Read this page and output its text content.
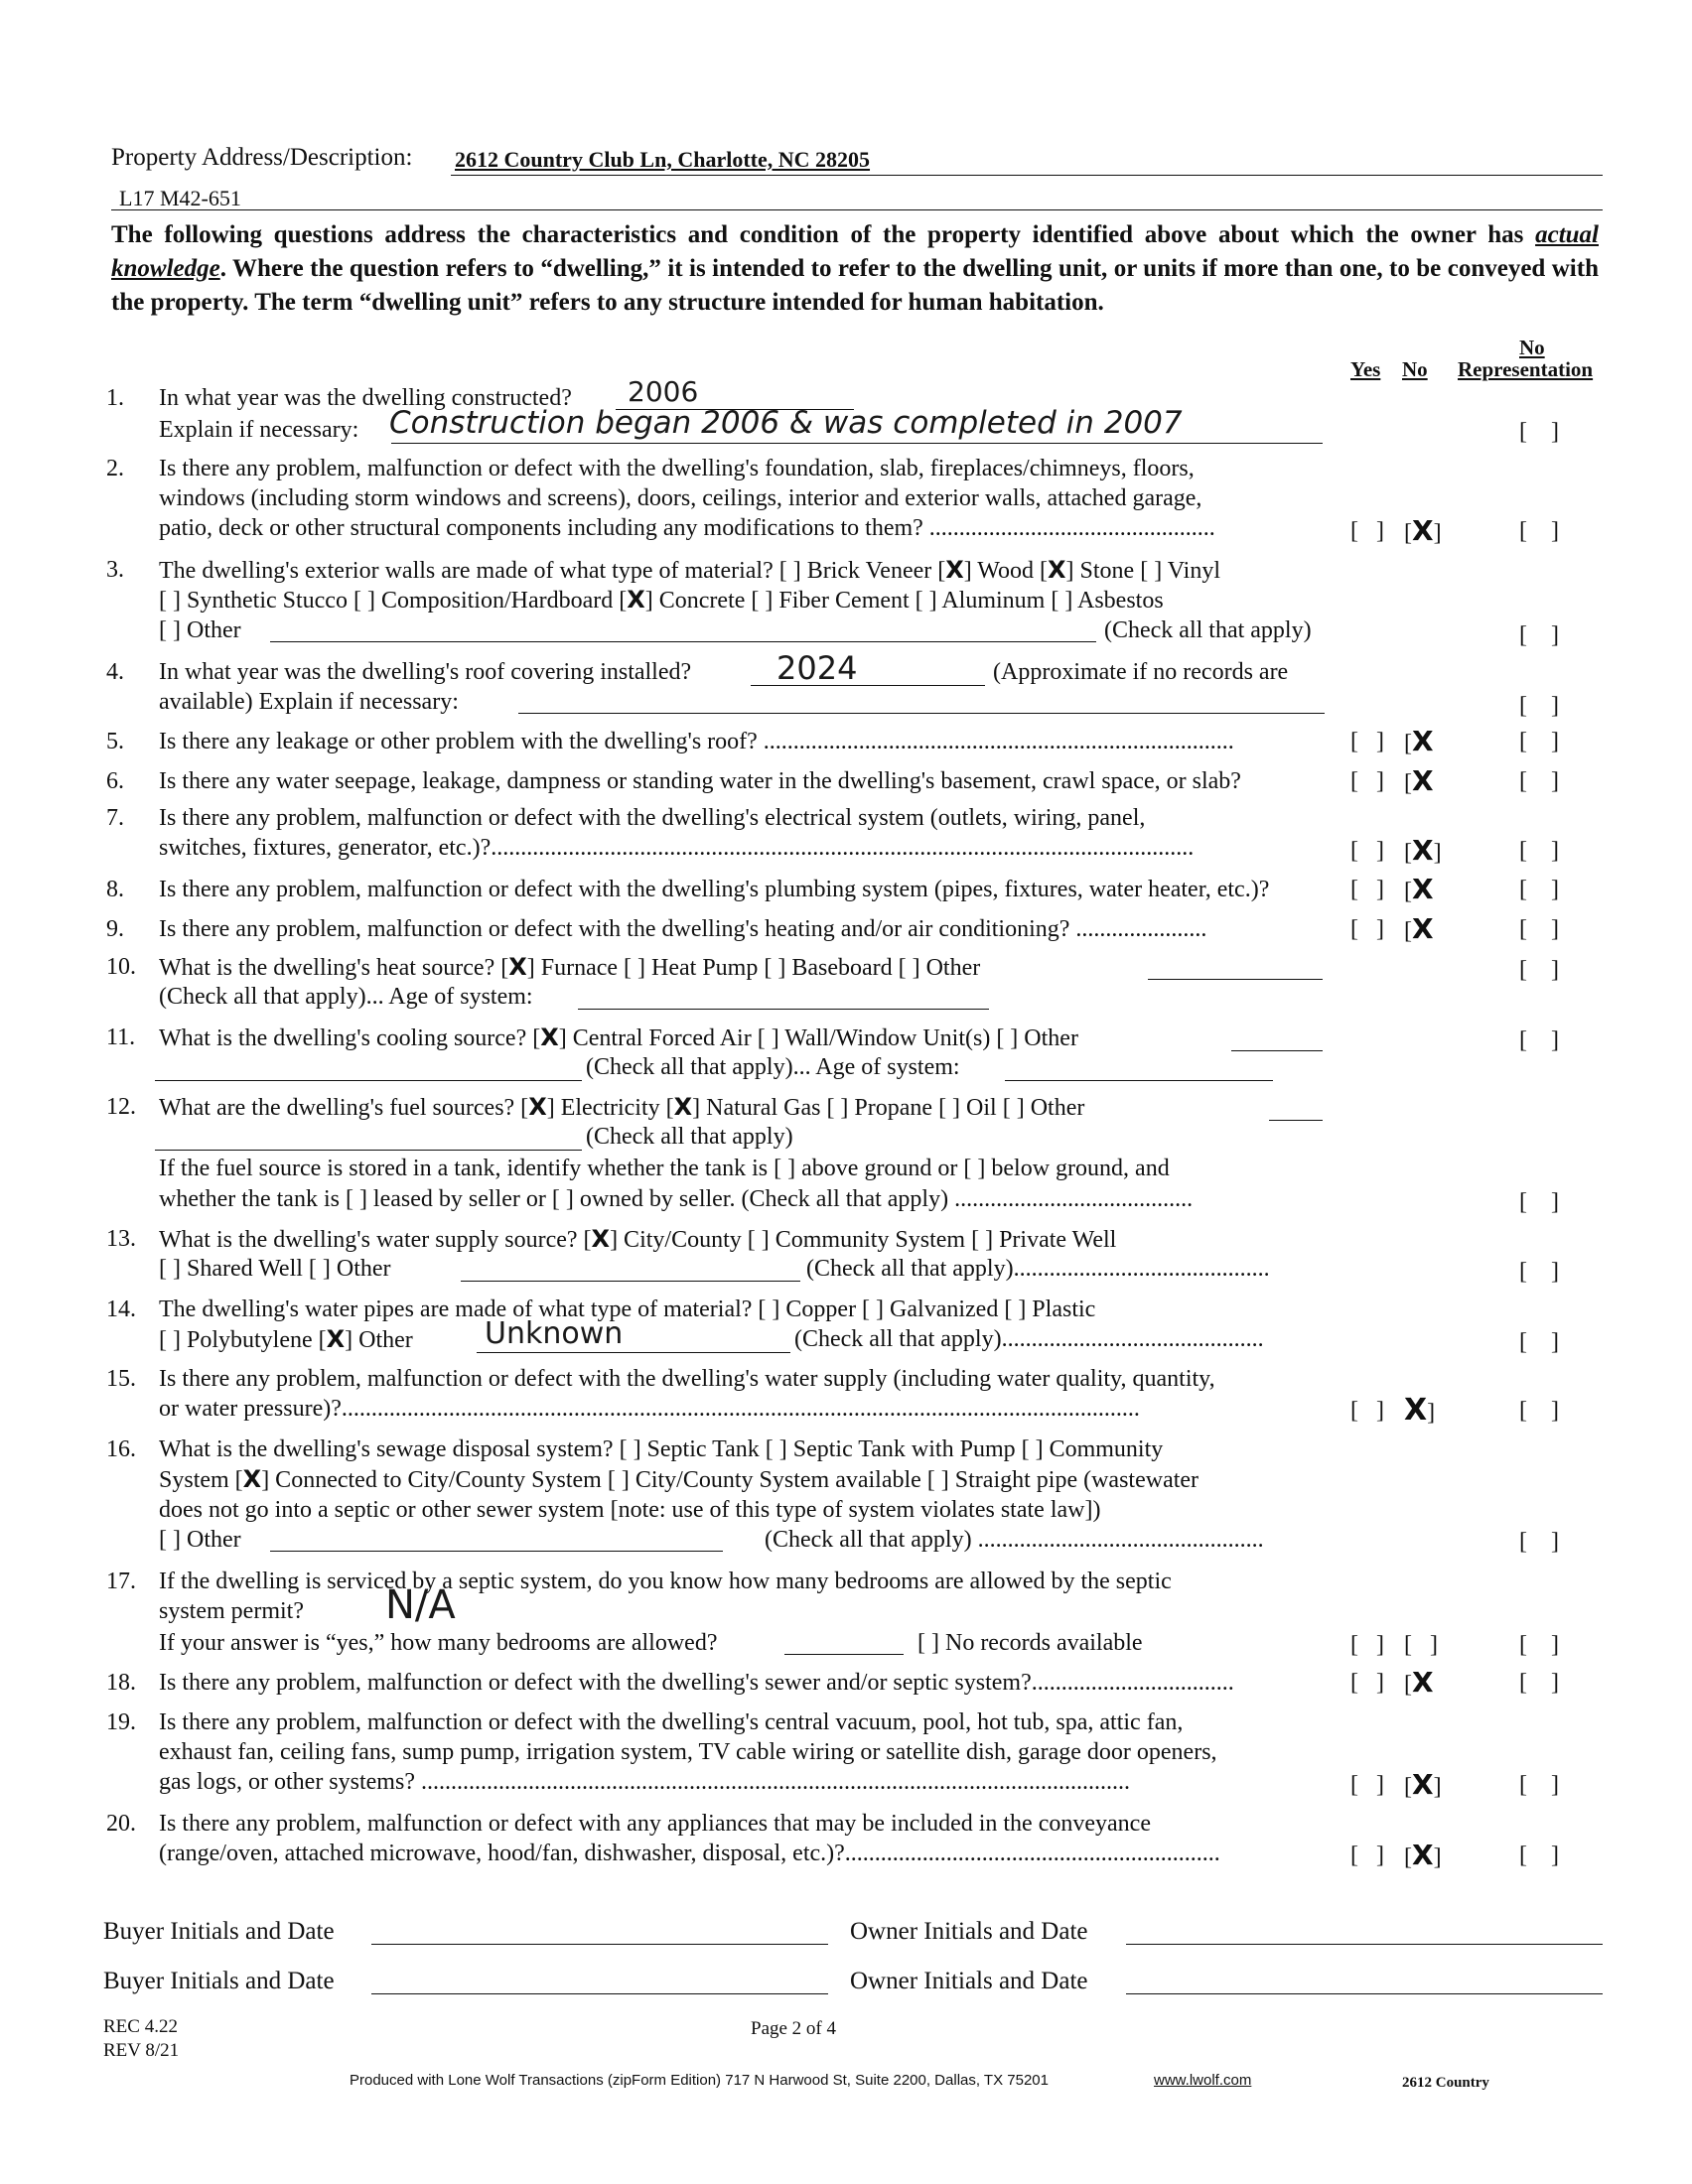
Property Address/Description: 2612 Country Club Ln, Charlotte, NC 28205
L17 M42-651
The following questions address the characteristics and condition of the property identified above about which the owner has actual knowledge. Where the question refers to “dwelling,” it is intended to refer to the dwelling unit, or units if more than one, to be conveyed with the property. The term “dwelling unit” refers to any structure intended for human habitation.
Yes No
No
Representation
1. In what year was the dwelling constructed? 2006
Explain if necessary: Construction began 2006 & was completed in 2007	[ ]
2. Is there any problem, malfunction or defect with the dwelling's foundation, slab, fireplaces/chimneys, floors,
windows (including storm windows and screens), doors, ceilings, interior and exterior walls, attached garage,
patio, deck or other structural components including any modifications to them? ................................................	[ ] [X]	[ ]
3. The dwelling's exterior walls are made of what type of material? [ ] Brick Veneer [X] Wood [X] Stone [ ] Vinyl
[ ] Synthetic Stucco [ ] Composition/Hardboard [X] Concrete [ ] Fiber Cement [ ] Aluminum [ ] Asbestos
[ ] Other	(Check all that apply)	[ ]
4. In what year was the dwelling's roof covering installed?	2024	(Approximate if no records are
available) Explain if necessary:	[ ]
5. Is there any leakage or other problem with the dwelling's roof? ...............................................................................	[ ] [X	[ ]
6. Is there any water seepage, leakage, dampness or standing water in the dwelling's basement, crawl space, or slab?	[ ] [X	[ ]
7. Is there any problem, malfunction or defect with the dwelling's electrical system (outlets, wiring, panel,
switches, fixtures, generator, etc.)?......................................................................................................................	[ ] [X]	[ ]
8. Is there any problem, malfunction or defect with the dwelling's plumbing system (pipes, fixtures, water heater, etc.)?	[ ] [X	[ ]
9. Is there any problem, malfunction or defect with the dwelling's heating and/or air conditioning? ......................	[ ] [X	[ ]
10. What is the dwelling's heat source? [X] Furnace [ ] Heat Pump [ ] Baseboard [ ] Other
(Check all that apply)... Age of system:
[ ]
11. What is the dwelling's cooling source? [X] Central Forced Air [ ] Wall/Window Unit(s) [ ] Other
(Check all that apply)... Age of system:
[ ]
12. What are the dwelling's fuel sources? [X] Electricity [X] Natural Gas [ ] Propane [ ] Oil [ ] Other
(Check all that apply)
If the fuel source is stored in a tank, identify whether the tank is [ ] above ground or [ ] below ground, and
whether the tank is [ ] leased by seller or [ ] owned by seller. (Check all that apply) ........................................	[ ]
13. What is the dwelling's water supply source? [X] City/County [ ] Community System [ ] Private Well
[ ] Shared Well [ ] Other	(Check all that apply)...........................................	[ ]
14. The dwelling's water pipes are made of what type of material? [ ] Copper [ ] Galvanized [ ] Plastic
[ ] Polybutylene [X] Other Unknown	(Check all that apply)............................................	[ ]
15. Is there any problem, malfunction or defect with the dwelling's water supply (including water quality, quantity,
or water pressure)?......................................................................................................................................	[ ] X]	[ ]
16. What is the dwelling's sewage disposal system? [ ] Septic Tank [ ] Septic Tank with Pump [ ] Community
System [X] Connected to City/County System [ ] City/County System available [ ] Straight pipe (wastewater
does not go into a septic or other sewer system [note: use of this type of system violates state law])
[ ] Other	(Check all that apply) ................................................	[ ]
17. If the dwelling is serviced by a septic system, do you know how many bedrooms are allowed by the septic
system permit? N/A
If your answer is “yes,” how many bedrooms are allowed?	[ ] No records available	[ ] [ ]	[ ]
18. Is there any problem, malfunction or defect with the dwelling's sewer and/or septic system?..................................	[ ] [X	[ ]
19. Is there any problem, malfunction or defect with the dwelling's central vacuum, pool, hot tub, spa, attic fan,
exhaust fan, ceiling fans, sump pump, irrigation system, TV cable wiring or satellite dish, garage door openers,
gas logs, or other systems? .......................................................................................................................	[ ] [X]	[ ]
20. Is there any problem, malfunction or defect with any appliances that may be included in the conveyance
(range/oven, attached microwave, hood/fan, dishwasher, disposal, etc.)?...............................................................	[ ] [X]	[ ]
Buyer Initials and Date	Owner Initials and Date
Buyer Initials and Date	Owner Initials and Date
REC 4.22
REV 8/21
Page 2 of 4
Produced with Lone Wolf Transactions (zipForm Edition) 717 N Harwood St, Suite 2200, Dallas, TX 75201	www.lwolf.com	2612 Country
